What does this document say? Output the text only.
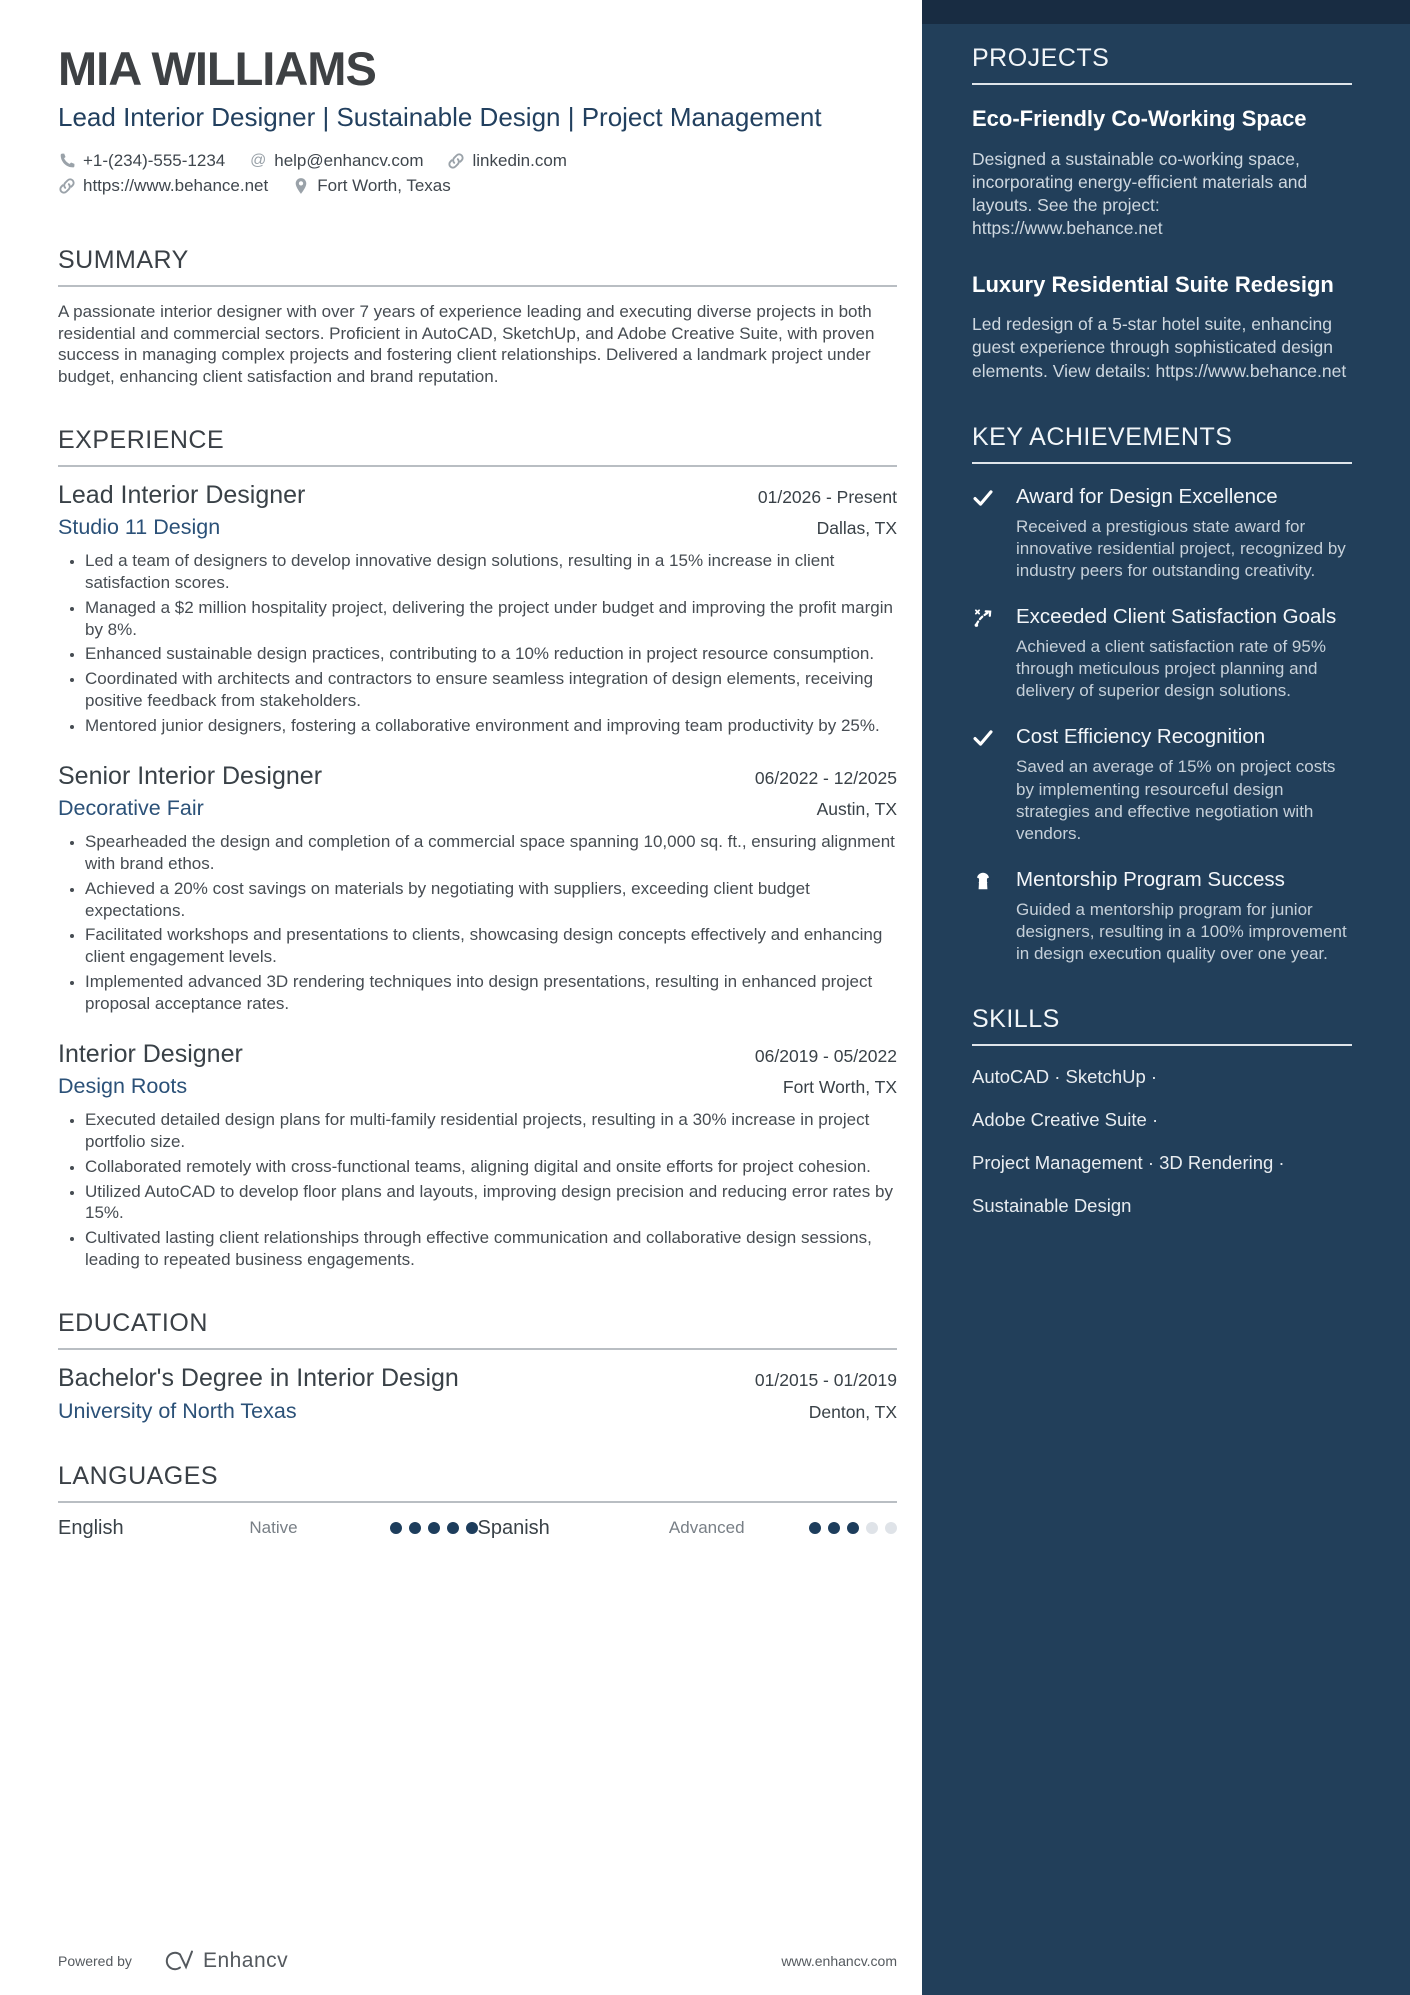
MIA WILLIAMS
Lead Interior Designer | Sustainable Design | Project Management
+1-(234)-555-1234 @ help@enhancv.com	linkedin.com
https://www.behance.net	Fort Worth, Texas
SUMMARY

A passionate interior designer with over 7 years of experience leading and executing diverse projects in both residential and commercial sectors. Proficient in AutoCAD, SketchUp, and Adobe Creative Suite, with proven success in managing complex projects and fostering client relationships. Delivered a landmark project under budget, enhancing client satisfaction and brand reputation.

EXPERIENCE
Lead Interior Designer	01/2026 - Present
Studio 11 Design	Dallas, TX
• Led a team of designers to develop innovative design solutions, resulting in a 15% increase in client satisfaction scores.
• Managed a $2 million hospitality project, delivering the project under budget and improving the profit margin by 8%.
• Enhanced sustainable design practices, contributing to a 10% reduction in project resource consumption.
• Coordinated with architects and contractors to ensure seamless integration of design elements, receiving positive feedback from stakeholders.
• Mentored junior designers, fostering a collaborative environment and improving team productivity by 25%.
Senior Interior Designer	06/2022 - 12/2025
Decorative Fair	Austin, TX
• Spearheaded the design and completion of a commercial space spanning 10,000 sq. ft., ensuring alignment with brand ethos.
• Achieved a 20% cost savings on materials by negotiating with suppliers, exceeding client budget expectations.
• Facilitated workshops and presentations to clients, showcasing design concepts effectively and enhancing client engagement levels.
• Implemented advanced 3D rendering techniques into design presentations, resulting in enhanced project proposal acceptance rates.
Interior Designer	06/2019 - 05/2022
Design Roots	Fort Worth, TX
• Executed detailed design plans for multi-family residential projects, resulting in a 30% increase in project portfolio size.
• Collaborated remotely with cross-functional teams, aligning digital and onsite efforts for project cohesion.
• Utilized AutoCAD to develop floor plans and layouts, improving design precision and reducing error rates by 15%.
• Cultivated lasting client relationships through effective communication and collaborative design sessions, leading to repeated business engagements.
EDUCATION
Bachelor's Degree in Interior Design	01/2015 - 01/2019
University of North Texas	Denton, TX
LANGUAGES
English	Native	Spanish	Advanced
Powered by	Enhancv	www.enhancv.com
PROJECTS
Eco-Friendly Co-Working Space
Designed a sustainable co-working space, incorporating energy-efficient materials and layouts. See the project: https://www.behance.net
Luxury Residential Suite Redesign
Led redesign of a 5-star hotel suite, enhancing guest experience through sophisticated design elements. View details: https://www.behance.net
KEY ACHIEVEMENTS
Award for Design Excellence
Received a prestigious state award for innovative residential project, recognized by industry peers for outstanding creativity.
Exceeded Client Satisfaction Goals
Achieved a client satisfaction rate of 95% through meticulous project planning and delivery of superior design solutions.
Cost Efficiency Recognition
Saved an average of 15% on project costs by implementing resourceful design strategies and effective negotiation with vendors.
Mentorship Program Success
Guided a mentorship program for junior designers, resulting in a 100% improvement in design execution quality over one year.
SKILLS
AutoCAD · SketchUp ·
Adobe Creative Suite ·
Project Management · 3D Rendering ·
Sustainable Design
